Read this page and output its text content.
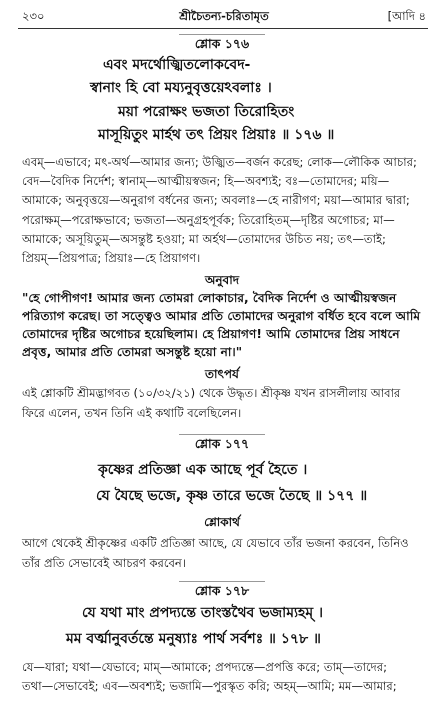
২৩০	শ্রীচৈতন্য-চরিতামৃত	[আদি ৪
শ্লোক ১৭৬
এবং মদর্থোজ্ঝিতলোকবেদ-
স্বানাং হি বো ময্যনুবৃত্তয়েঽবলাঃ ।
ময়া পরোক্ষং ভজতা তিরোহিতং
মাসূয়িতুং মার্হথ তৎ প্রিয়ং প্রিয়াঃ ॥ ১৭৬ ॥
এবম্—এভাবে; মৎ-অর্থ—আমার জন্য; উজ্ঝিত—বর্জন করেছ; লোক—লৌকিক আচার;
বেদ—বৈদিক নির্দেশ; স্বানাম্—আত্মীয়স্বজন; হি—অবশ্যই; বঃ—তোমাদের; ময়ি—
আমাকে; অনুবৃত্তয়ে—অনুরাগ বর্ধনের জন্য; অবলাঃ—হে নারীগণ; ময়া—আমার দ্বারা;
পরোক্ষম্—পরোক্ষভাবে; ভজতা—অনুগ্রহপূর্বক; তিরোহিতম্—দৃষ্টির অগোচর; মা—
আমাকে; অসূয়িতুম্—অসন্তুষ্ট হওয়া; মা অর্হথ—তোমাদের উচিত নয়; তৎ—তাই;
প্রিয়ম্—প্রিয়পাত্র; প্রিয়াঃ—হে প্রিয়াগণ।
অনুবাদ
"হে গোপীগণ! আমার জন্য তোমরা লোকাচার, বৈদিক নির্দেশ ও আত্মীয়স্বজন
পরিত্যাগ করেছ। তা সত্ত্বেও আমার প্রতি তোমাদের অনুরাগ বর্ধিত হবে বলে আমি
তোমাদের দৃষ্টির অগোচর হয়েছিলাম। হে প্রিয়াগণ! আমি তোমাদের প্রিয় সাধনে
প্রবৃত্ত, আমার প্রতি তোমরা অসন্তুষ্ট হয়ো না।"
তাৎপর্য
এই শ্লোকটি শ্রীমদ্ভাগবত (১০/৩২/২১) থেকে উদ্ধৃত। শ্রীকৃষ্ণ যখন রাসলীলায় আবার
ফিরে এলেন, তখন তিনি এই কথাটি বলেছিলেন।
শ্লোক ১৭৭
কৃষ্ণের প্রতিজ্ঞা এক আছে পূর্ব হৈতে ।
যে যৈছে ভজে, কৃষ্ণ তারে ভজে তৈছে ॥ ১৭৭ ॥
শ্লোকার্থ
আগে থেকেই শ্রীকৃষ্ণের একটি প্রতিজ্ঞা আছে, যে যেভাবে তাঁর ভজনা করবেন, তিনিও
তাঁর প্রতি সেভাবেই আচরণ করবেন।
শ্লোক ১৭৮
যে যথা মাং প্রপদ্যন্তে তাংস্তথৈব ভজাম্যহম্ ।
মম বর্ত্মানুবর্তন্তে মনুষ্যাঃ পার্থ সর্বশঃ ॥ ১৭৮ ॥
যে—যারা; যথা—যেভাবে; মাম্—আমাকে; প্রপদ্যন্তে—প্রপত্তি করে; তাম্—তাদের;
তথা—সেভাবেই; এব—অবশ্যই; ভজামি—পুরস্কৃত করি; অহম্—আমি; মম—আমার;
